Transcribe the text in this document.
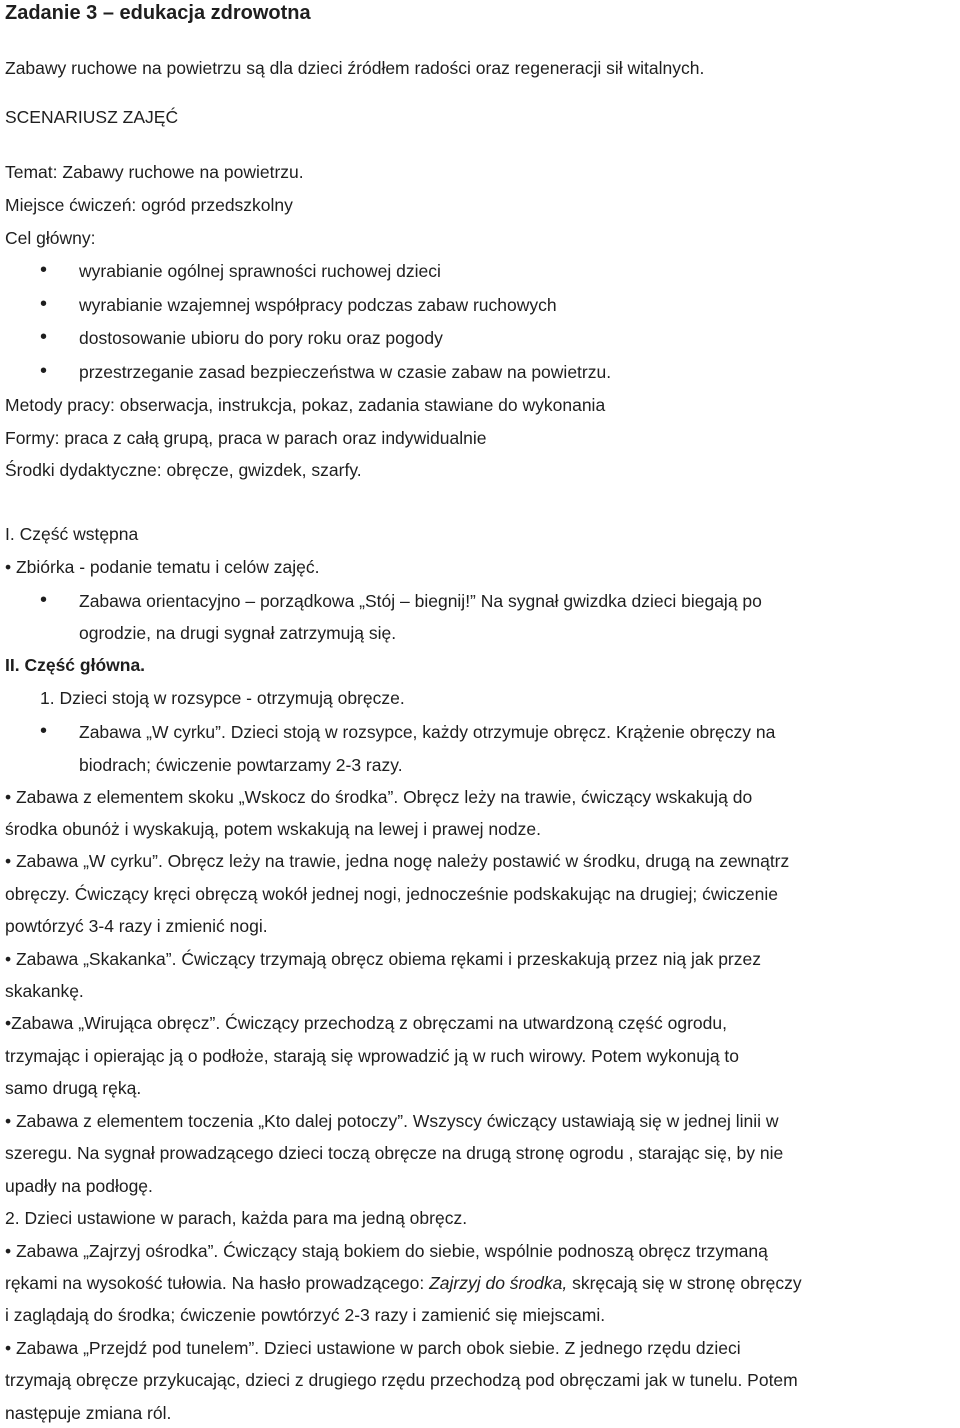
Zadanie 3 – edukacja zdrowotna
Zabawy ruchowe na powietrzu są dla dzieci źródłem radości oraz regeneracji sił witalnych.
SCENARIUSZ ZAJĘĆ
Temat: Zabawy ruchowe na powietrzu.
Miejsce ćwiczeń: ogród przedszkolny
Cel główny:
• wyrabianie ogólnej sprawności ruchowej dzieci
• wyrabianie wzajemnej współpracy podczas zabaw ruchowych
• dostosowanie ubioru do pory roku oraz pogody
• przestrzeganie zasad bezpieczeństwa w czasie zabaw na powietrzu.
Metody pracy: obserwacja, instrukcja, pokaz, zadania stawiane do wykonania
Formy: praca z całą grupą, praca w parach oraz indywidualnie
Środki dydaktyczne: obręcze, gwizdek, szarfy.
I. Część wstępna
• Zbiórka - podanie tematu i celów zajęć.
• Zabawa orientacyjno – porządkowa „Stój – biegnij!” Na sygnał gwizdka dzieci biegają po
ogrodzie, na drugi sygnał zatrzymują się.
II. Część główna.
1. Dzieci stoją w rozsypce - otrzymują obręcze.
• Zabawa „W cyrku”. Dzieci stoją w rozsypce, każdy otrzymuje obręcz. Krążenie obręczy na
biodrach; ćwiczenie powtarzamy 2-3 razy.
• Zabawa z elementem skoku „Wskocz do środka”. Obręcz leży na trawie, ćwiczący wskakują do
środka obunóż i wyskakują, potem wskakują na lewej i prawej nodze.
• Zabawa „W cyrku”. Obręcz leży na trawie, jedna nogę należy postawić w środku, drugą na zewnątrz
obręczy. Ćwiczący kręci obręczą wokół jednej nogi, jednocześnie podskakując na drugiej; ćwiczenie
powtórzyć 3-4 razy i zmienić nogi.
• Zabawa „Skakanka”. Ćwiczący trzymają obręcz obiema rękami i przeskakują przez nią jak przez
skakankę.
•Zabawa „Wirująca obręcz”. Ćwiczący przechodzą z obręczami na utwardzoną część ogrodu,
trzymając i opierając ją o podłoże, starają się wprowadzić ją w ruch wirowy. Potem wykonują to
samo drugą ręką.
• Zabawa z elementem toczenia „Kto dalej potoczy”. Wszyscy ćwiczący ustawiają się w jednej linii w
szeregu. Na sygnał prowadzącego dzieci toczą obręcze na drugą stronę ogrodu , starając się, by nie
upadły na podłogę.
2. Dzieci ustawione w parach, każda para ma jedną obręcz.
• Zabawa „Zajrzyj ośrodka”. Ćwiczący stają bokiem do siebie, wspólnie podnoszą obręcz trzymaną
rękami na wysokość tułowia. Na hasło prowadzącego: Zajrzyj do środka, skręcają się w stronę obręczy
i zaglądają do środka; ćwiczenie powtórzyć 2-3 razy i zamienić się miejscami.
• Zabawa „Przejdź pod tunelem”. Dzieci ustawione w parch obok siebie. Z jednego rzędu dzieci
trzymają obręcze przykucając, dzieci z drugiego rzędu przechodzą pod obręczami jak w tunelu. Potem
następuje zmiana ról.
